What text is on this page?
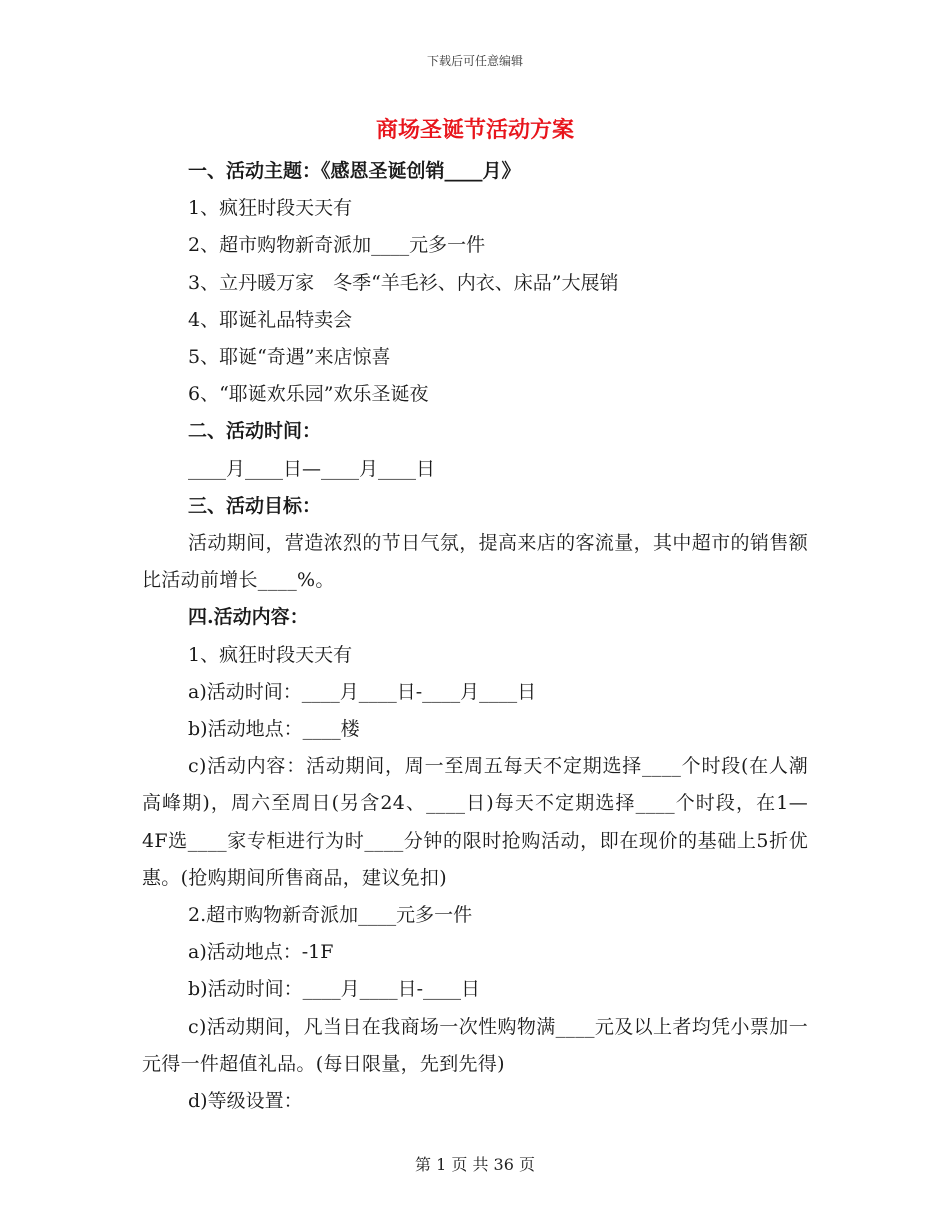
下载后可任意编辑
商场圣诞节活动方案
一、活动主题：《感恩圣诞创销____月》
1、疯狂时段天天有
2、超市购物新奇派加____元多一件
3、立丹暖万家　冬季“羊毛衫、内衣、床品”大展销
4、耶诞礼品特卖会
5、耶诞“奇遇”来店惊喜
6、“耶诞欢乐园”欢乐圣诞夜
二、活动时间：
____月____日—____月____日
三、活动目标：
活动期间，营造浓烈的节日气氛，提高来店的客流量，其中超市的销售额比活动前增长____%。
四.活动内容：
1、疯狂时段天天有
a)活动时间：____月____日-____月____日
b)活动地点：____楼
c)活动内容：活动期间，周一至周五每天不定期选择____个时段(在人潮高峰期)，周六至周日(另含24、____日)每天不定期选择____个时段，在1—4F选____家专柜进行为时____分钟的限时抢购活动，即在现价的基础上5折优惠。(抢购期间所售商品，建议免扣)
2.超市购物新奇派加____元多一件
a)活动地点：-1F
b)活动时间：____月____日-____日
c)活动期间，凡当日在我商场一次性购物满____元及以上者均凭小票加一元得一件超值礼品。(每日限量，先到先得)
d)等级设置：
第 1 页 共 36 页
